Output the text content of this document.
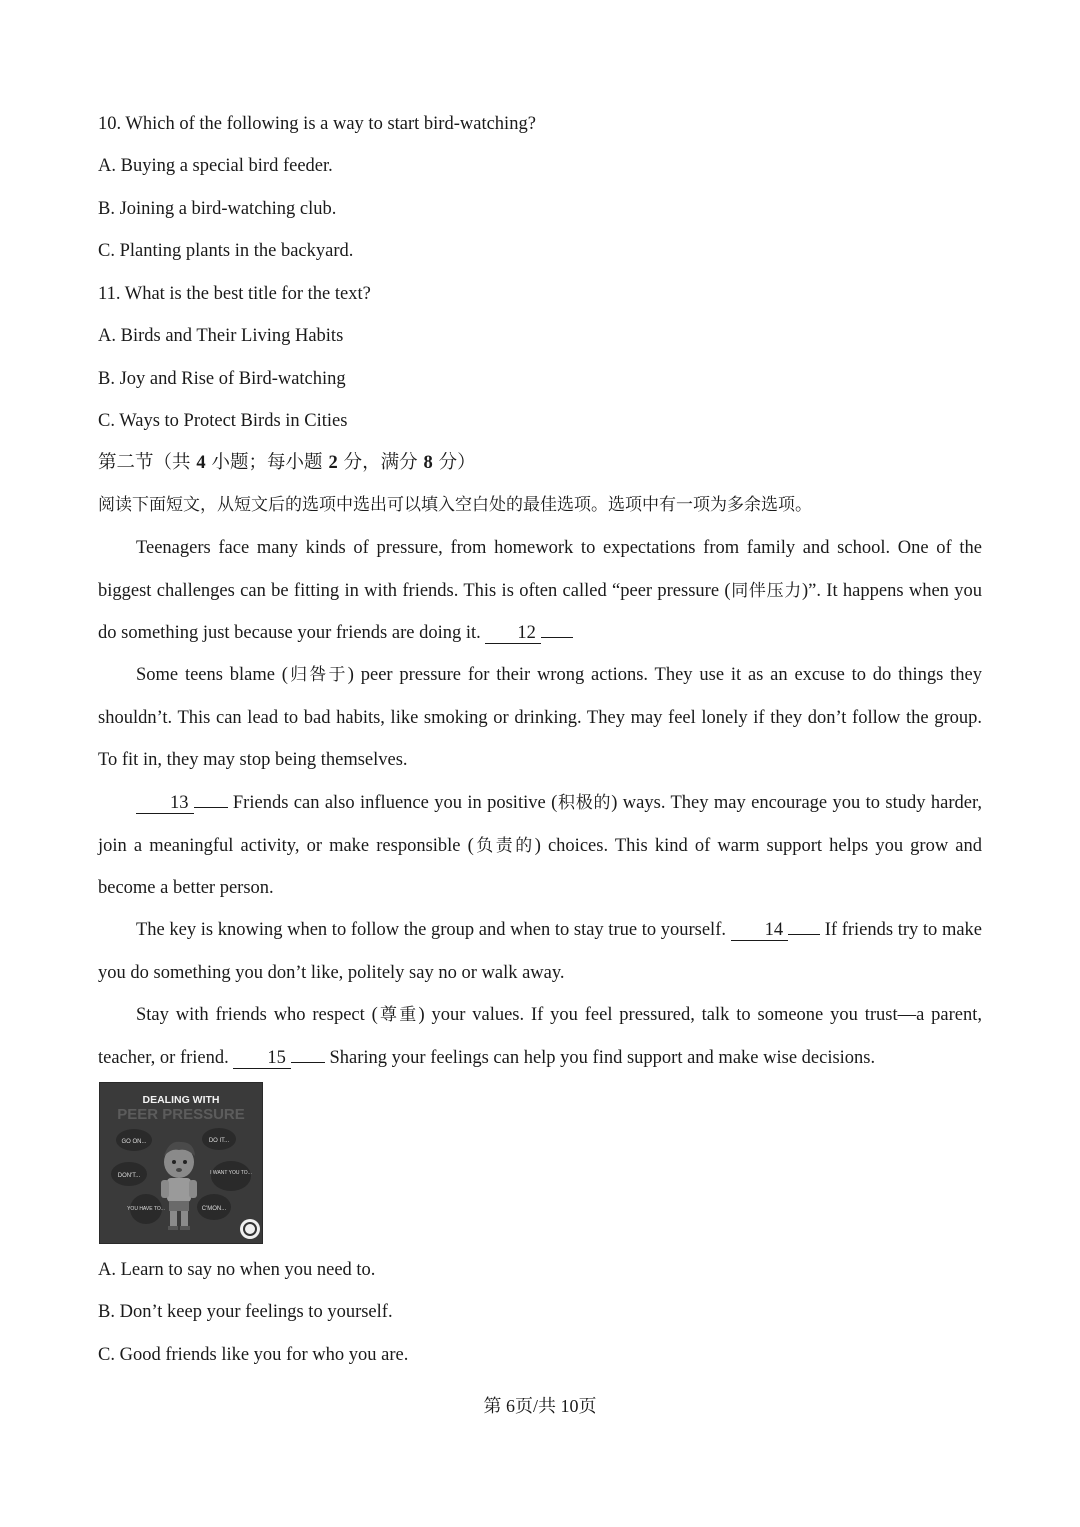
10. Which of the following is a way to start bird-watching?
A. Buying a special bird feeder.
B. Joining a bird-watching club.
C. Planting plants in the backyard.
11. What is the best title for the text?
A. Birds and Their Living Habits
B. Joy and Rise of Bird-watching
C. Ways to Protect Birds in Cities
第二节（共 4 小题；每小题 2 分，满分 8 分）
阅读下面短文，从短文后的选项中选出可以填入空白处的最佳选项。选项中有一项为多余选项。
Teenagers face many kinds of pressure, from homework to expectations from family and school. One of the biggest challenges can be fitting in with friends. This is often called “peer pressure (同伴压力)”. It happens when you do something just because your friends are doing it.	12
Some teens blame (归咎于) peer pressure for their wrong actions. They use it as an excuse to do things they shouldn’t. This can lead to bad habits, like smoking or drinking. They may feel lonely if they don’t follow the group. To fit in, they may stop being themselves.
13 Friends can also influence you in positive (积极的) ways. They may encourage you to study harder, join a meaningful activity, or make responsible (负责的) choices. This kind of warm support helps you grow and become a better person.
The key is knowing when to follow the group and when to stay true to yourself.	14 If friends try to make you do something you don’t like, politely say no or walk away.
Stay with friends who respect (尊重) your values. If you feel pressured, talk to someone you trust—a parent, teacher, or friend.	15 Sharing your feelings can help you find support and make wise decisions.
DEALING WITH
PEER PRESSURE
GO ON...	DO IT...
DON'T...	I WANT YOU TO...
YOU HAVE TO...	C'MON...
A. Learn to say no when you need to.
B. Don’t keep your feelings to yourself.
C. Good friends like you for who you are.
第 6页/共 10页
